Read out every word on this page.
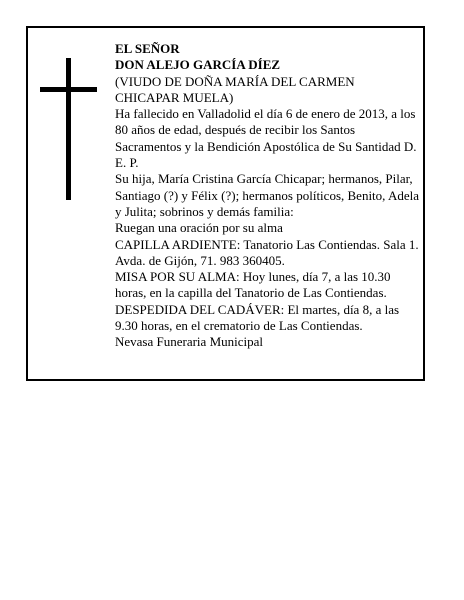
EL SEÑOR
DON ALEJO GARCÍA DÍEZ
(VIUDO DE DOÑA MARÍA DEL CARMEN CHICAPAR MUELA)
Ha fallecido en Valladolid el día 6 de enero de 2013, a los 80 años de edad, después de recibir los Santos Sacramentos y la Bendición Apostólica de Su Santidad D. E. P.
Su hija, María Cristina García Chicapar; hermanos, Pilar, Santiago (?) y Félix (?); hermanos políticos, Benito, Adela y Julita; sobrinos y demás familia:
Ruegan una oración por su alma
CAPILLA ARDIENTE: Tanatorio Las Contiendas. Sala 1. Avda. de Gijón, 71. 983 360405.
MISA POR SU ALMA: Hoy lunes, día 7, a las 10.30 horas, en la capilla del Tanatorio de Las Contiendas.
DESPEDIDA DEL CADÁVER: El martes, día 8, a las 9.30 horas, en el crematorio de Las Contiendas.
Nevasa Funeraria Municipal
